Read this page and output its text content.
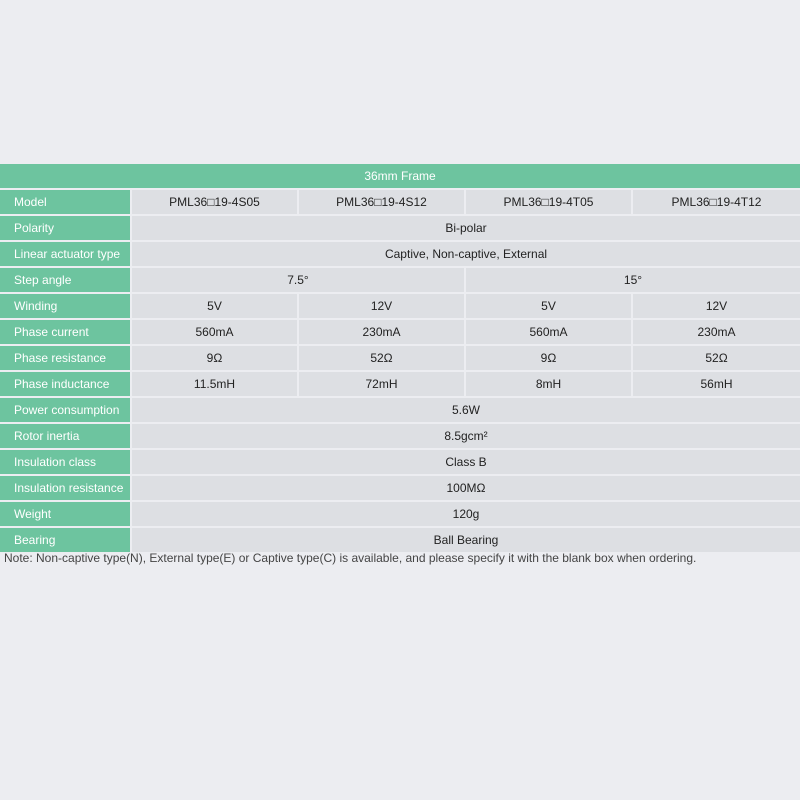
36mm Frame				
Model	PML36□19-4S05	PML36□19-4S12	PML36□19-4T05	PML36□19-4T12
Polarity	Bi-polar			
Linear actuator type	Captive, Non-captive, External			
Step angle	7.5°		15°	
Winding	5V	12V	5V	12V
Phase current	560mA	230mA	560mA	230mA
Phase resistance	9Ω	52Ω	9Ω	52Ω
Phase inductance	11.5mH	72mH	8mH	56mH
Power consumption	5.6W			
Rotor inertia	8.5gcm²			
Insulation class	Class B			
Insulation resistance	100MΩ			
Weight	120g			
Bearing	Ball Bearing			
Note: Non-captive type(N), External type(E) or Captive type(C) is available, and please specify it with the blank box when ordering.
